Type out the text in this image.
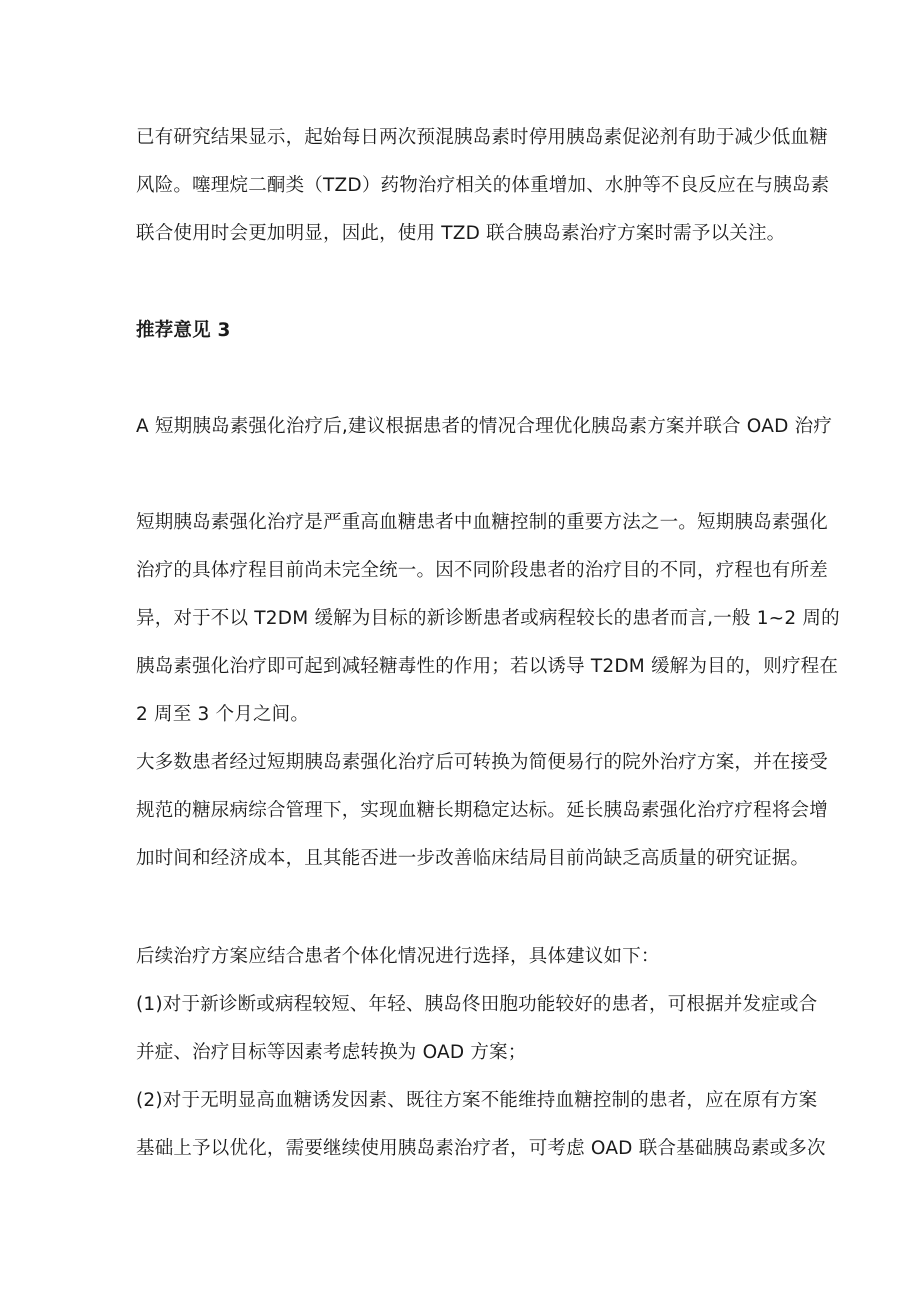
已有研究结果显示，起始每日两次预混胰岛素时停用胰岛素促泌剂有助于减少低血糖
风险。噻理烷二酮类（TZD）药物治疗相关的体重增加、水肿等不良反应在与胰岛素
联合使用时会更加明显，因此，使用 TZD 联合胰岛素治疗方案时需予以关注。
推荐意见 3
A 短期胰岛素强化治疗后,建议根据患者的情况合理优化胰岛素方案并联合 OAD 治疗
短期胰岛素强化治疗是严重高血糖患者中血糖控制的重要方法之一。短期胰岛素强化
治疗的具体疗程目前尚未完全统一。因不同阶段患者的治疗目的不同，疗程也有所差
异，对于不以 T2DM 缓解为目标的新诊断患者或病程较长的患者而言,一般 1~2 周的
胰岛素强化治疗即可起到减轻糖毒性的作用；若以诱导 T2DM 缓解为目的，则疗程在
2 周至 3 个月之间。
大多数患者经过短期胰岛素强化治疗后可转换为简便易行的院外治疗方案，并在接受
规范的糖尿病综合管理下，实现血糖长期稳定达标。延长胰岛素强化治疗疗程将会增
加时间和经济成本，且其能否进一步改善临床结局目前尚缺乏高质量的研究证据。
后续治疗方案应结合患者个体化情况进行选择，具体建议如下：
(1)对于新诊断或病程较短、年轻、胰岛佟田胞功能较好的患者，可根据并发症或合
并症、治疗目标等因素考虑转换为 OAD 方案；
(2)对于无明显高血糖诱发因素、既往方案不能维持血糖控制的患者，应在原有方案
基础上予以优化，需要继续使用胰岛素治疗者，可考虑 OAD 联合基础胰岛素或多次
